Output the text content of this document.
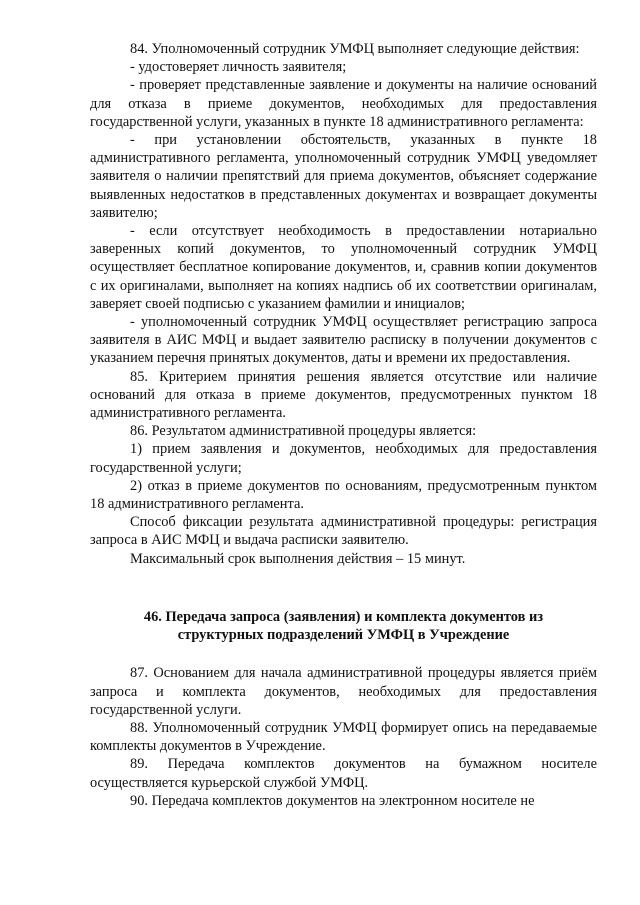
84. Уполномоченный сотрудник УМФЦ выполняет следующие действия:

- удостоверяет личность заявителя;

- проверяет представленные заявление и документы на наличие оснований для отказа в приеме документов, необходимых для предоставления государственной услуги, указанных в пункте 18 административного регламента:

- при установлении обстоятельств, указанных в пункте 18 административного регламента, уполномоченный сотрудник УМФЦ уведомляет заявителя о наличии препятствий для приема документов, объясняет содержание выявленных недостатков в представленных документах и возвращает документы заявителю;

- если отсутствует необходимость в предоставлении нотариально заверенных копий документов, то уполномоченный сотрудник УМФЦ осуществляет бесплатное копирование документов, и, сравнив копии документов с их оригиналами, выполняет на копиях надпись об их соответствии оригиналам, заверяет своей подписью с указанием фамилии и инициалов;

- уполномоченный сотрудник УМФЦ осуществляет регистрацию запроса заявителя в АИС МФЦ и выдает заявителю расписку в получении документов с указанием перечня принятых документов, даты и времени их предоставления.

85. Критерием принятия решения является отсутствие или наличие оснований для отказа в приеме документов, предусмотренных пунктом 18 административного регламента.

86. Результатом административной процедуры является:

1) прием заявления и документов, необходимых для предоставления государственной услуги;

2) отказ в приеме документов по основаниям, предусмотренным пунктом 18 административного регламента.

Способ фиксации результата административной процедуры: регистрация запроса в АИС МФЦ и выдача расписки заявителю.

Максимальный срок выполнения действия – 15 минут.

46. Передача запроса (заявления) и комплекта документов из

структурных подразделений УМФЦ в Учреждение

87. Основанием для начала административной процедуры является приём запроса и комплекта документов, необходимых для предоставления государственной услуги.

88. Уполномоченный сотрудник УМФЦ формирует опись на передаваемые комплекты документов в Учреждение.

89. Передача комплектов документов на бумажном носителе осуществляется курьерской службой УМФЦ.

90. Передача комплектов документов на электронном носителе не
